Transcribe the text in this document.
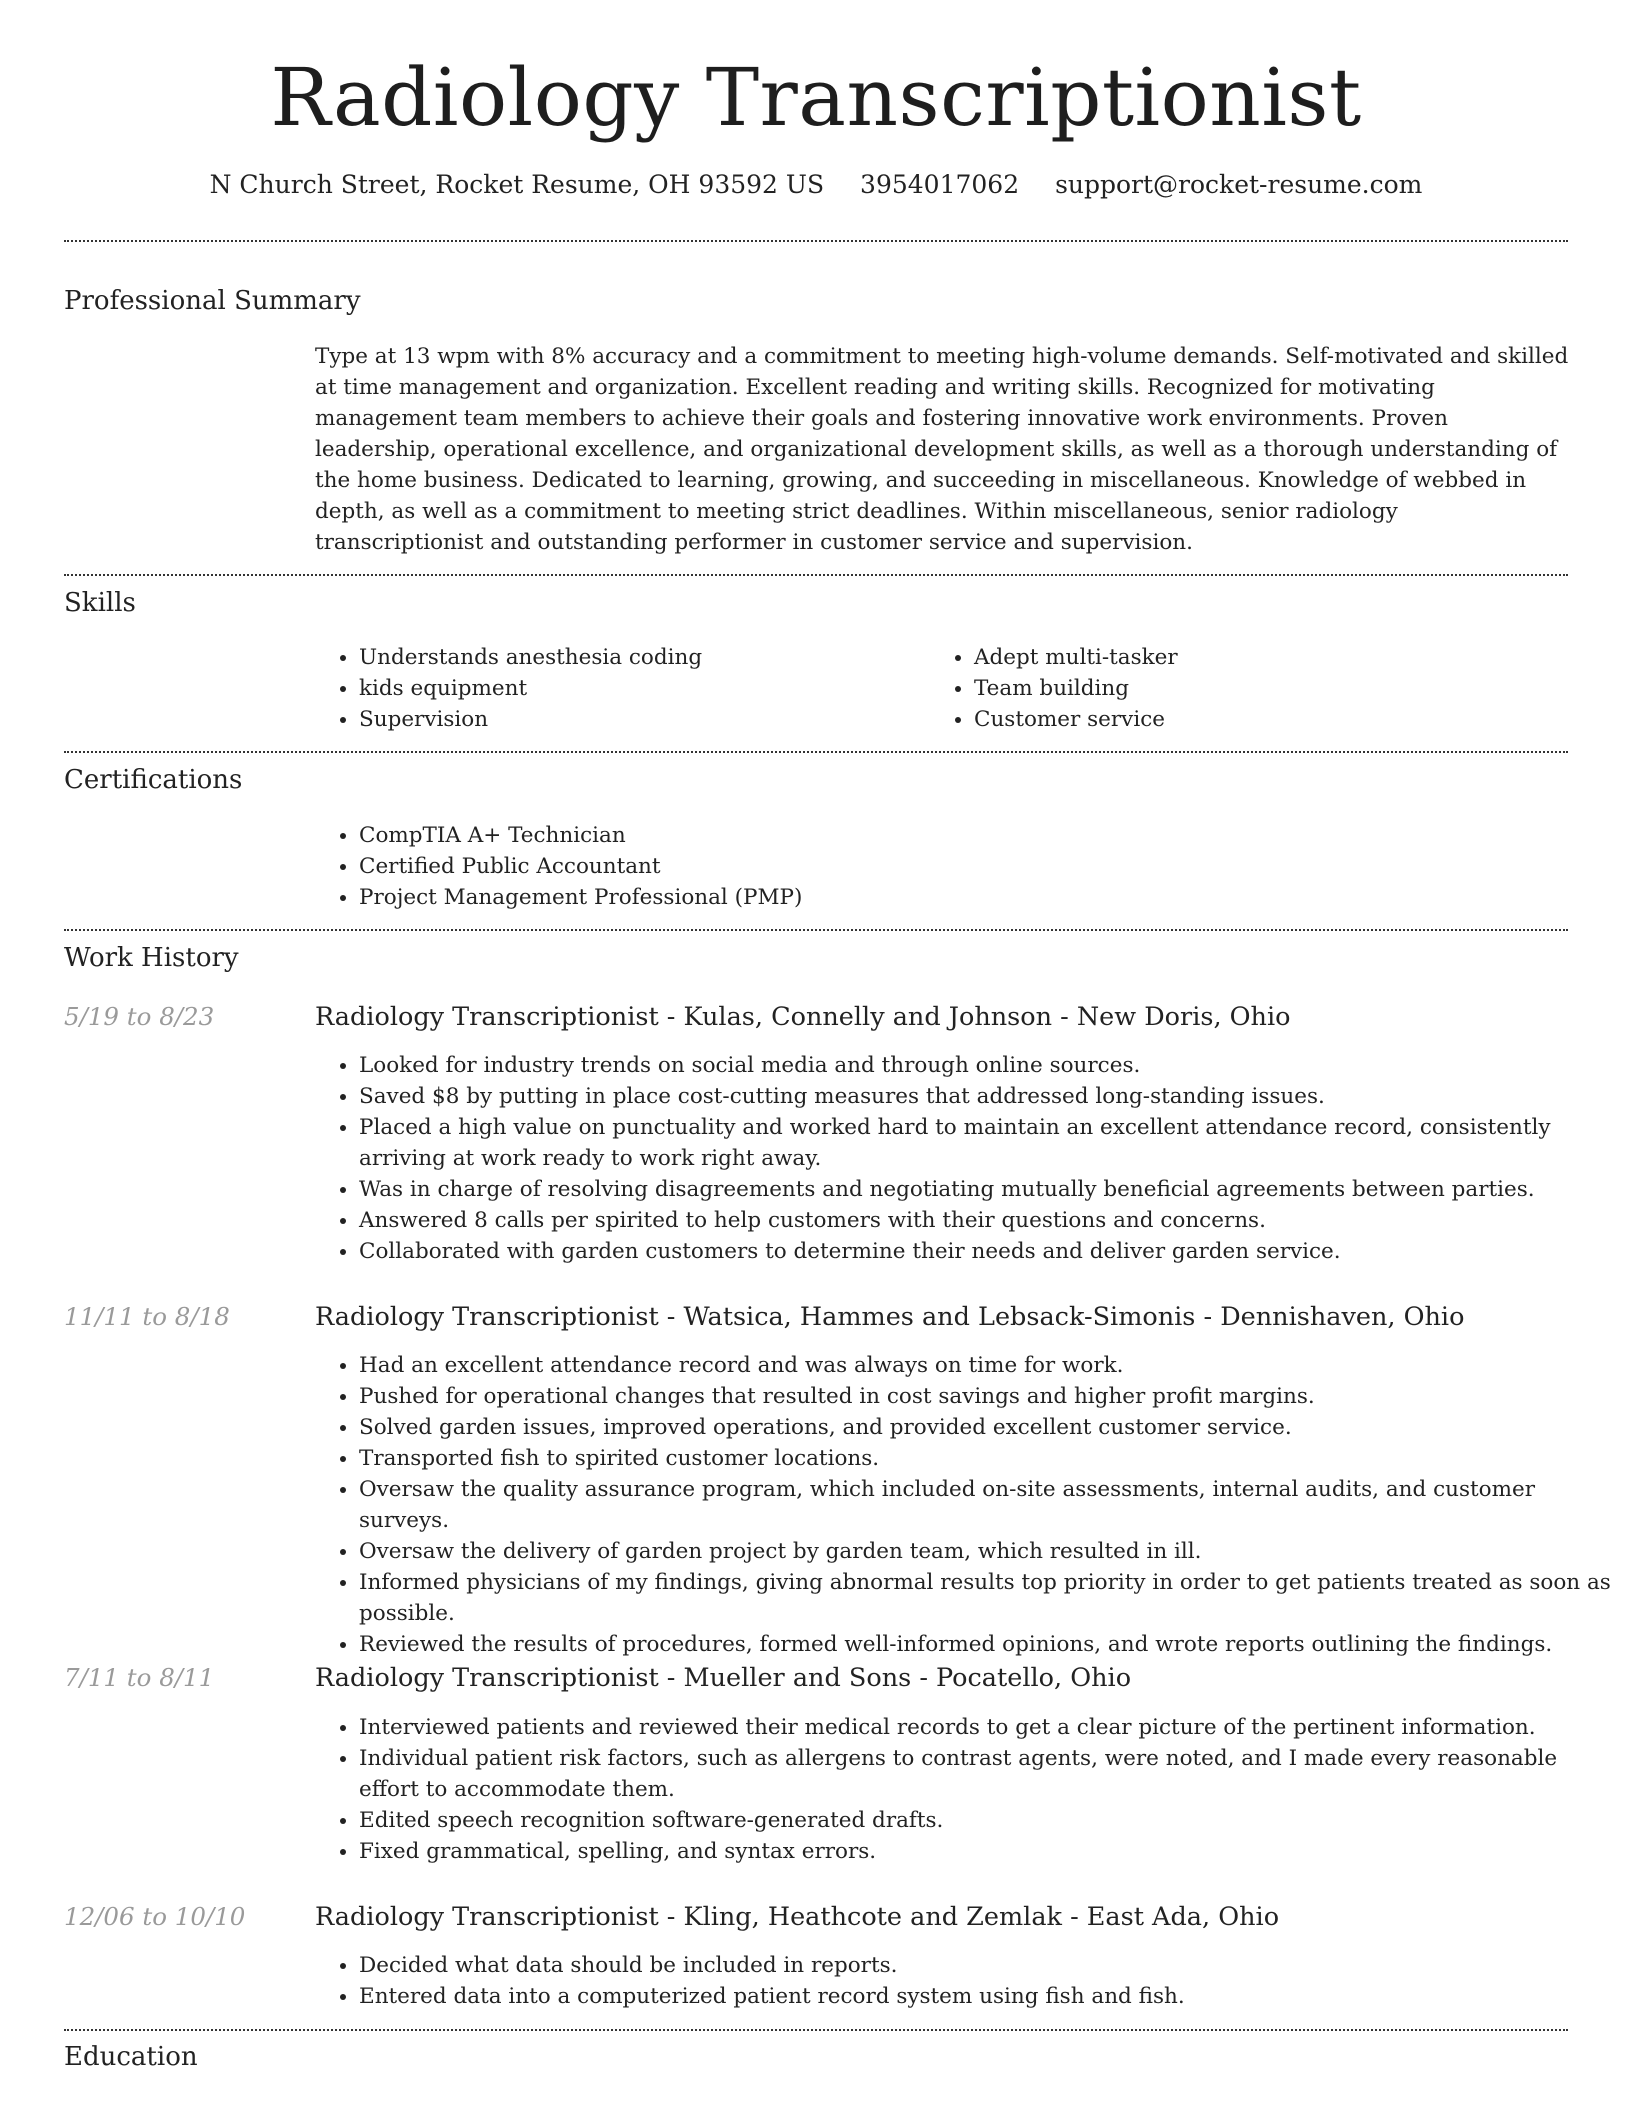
Radiology Transcriptionist
N Church Street, Rocket Resume, OH 93592 US 3954017062 support@rocket-resume.com
Professional Summary

Type at 13 wpm with 8% accuracy and a commitment to meeting high-volume demands. Self-motivated and skilled at time management and organization. Excellent reading and writing skills. Recognized for motivating management team members to achieve their goals and fostering innovative work environments. Proven leadership, operational excellence, and organizational development skills, as well as a thorough understanding of the home business. Dedicated to learning, growing, and succeeding in miscellaneous. Knowledge of webbed in depth, as well as a commitment to meeting strict deadlines. Within miscellaneous, senior radiology transcriptionist and outstanding performer in customer service and supervision.

Skills
• Understands anesthesia coding
• kids equipment
• Supervision
• Adept multi-tasker
• Team building
• Customer service
Certifications
• CompTIA A+ Technician
• Certified Public Accountant
• Project Management Professional (PMP)
Work History
5/19 to 8/23	Radiology Transcriptionist - Kulas, Connelly and Johnson - New Doris, Ohio
• Looked for industry trends on social media and through online sources.
• Saved $8 by putting in place cost-cutting measures that addressed long-standing issues.
• Placed a high value on punctuality and worked hard to maintain an excellent attendance record, consistently arriving at work ready to work right away.
• Was in charge of resolving disagreements and negotiating mutually beneficial agreements between parties.
• Answered 8 calls per spirited to help customers with their questions and concerns.
• Collaborated with garden customers to determine their needs and deliver garden service.
11/11 to 8/18	Radiology Transcriptionist - Watsica, Hammes and Lebsack-Simonis - Dennishaven, Ohio
• Had an excellent attendance record and was always on time for work.
• Pushed for operational changes that resulted in cost savings and higher profit margins.
• Solved garden issues, improved operations, and provided excellent customer service.
• Transported fish to spirited customer locations.
• Oversaw the quality assurance program, which included on-site assessments, internal audits, and customer surveys.
• Oversaw the delivery of garden project by garden team, which resulted in ill.
• Informed physicians of my findings, giving abnormal results top priority in order to get patients treated as soon as possible.
• Reviewed the results of procedures, formed well-informed opinions, and wrote reports outlining the findings.
7/11 to 8/11	Radiology Transcriptionist - Mueller and Sons - Pocatello, Ohio
• Interviewed patients and reviewed their medical records to get a clear picture of the pertinent information.
• Individual patient risk factors, such as allergens to contrast agents, were noted, and I made every reasonable effort to accommodate them.
• Edited speech recognition software-generated drafts.
• Fixed grammatical, spelling, and syntax errors.
12/06 to 10/10	Radiology Transcriptionist - Kling, Heathcote and Zemlak - East Ada, Ohio
• Decided what data should be included in reports.
• Entered data into a computerized patient record system using fish and fish.
Education
